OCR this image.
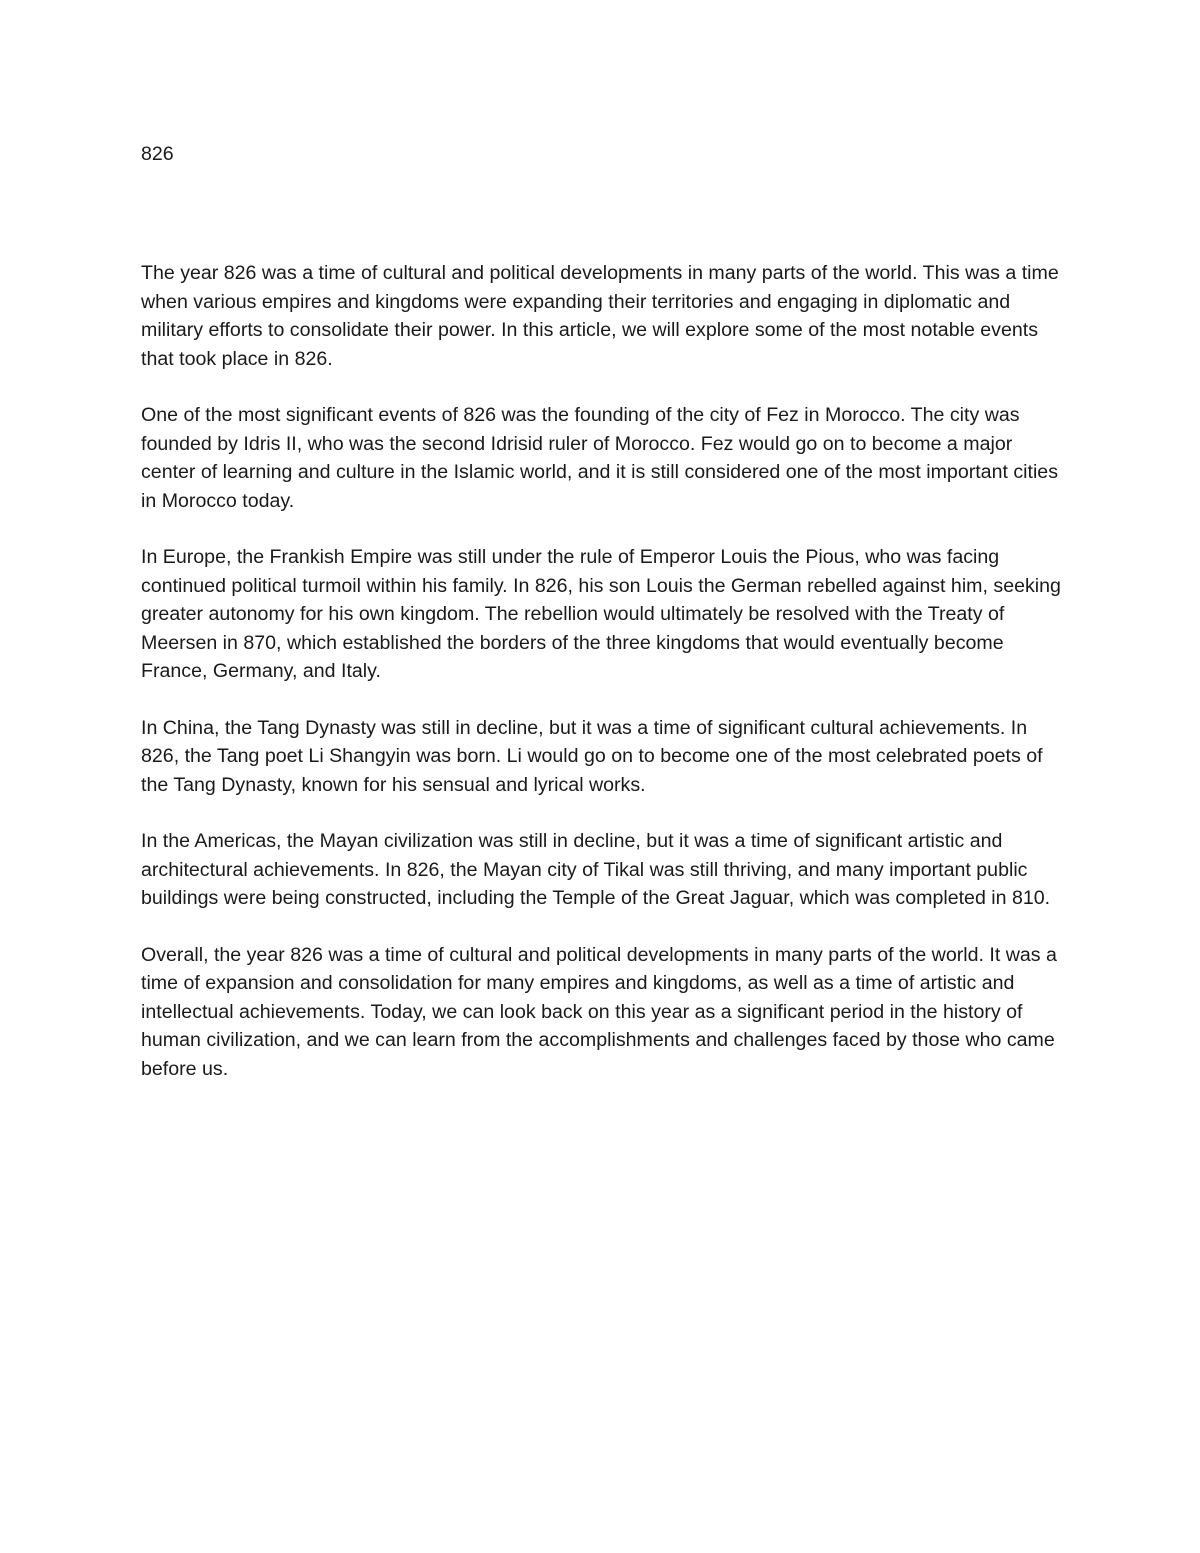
826

The year 826 was a time of cultural and political developments in many parts of the world. This was a time when various empires and kingdoms were expanding their territories and engaging in diplomatic and military efforts to consolidate their power. In this article, we will explore some of the most notable events that took place in 826.

One of the most significant events of 826 was the founding of the city of Fez in Morocco. The city was founded by Idris II, who was the second Idrisid ruler of Morocco. Fez would go on to become a major center of learning and culture in the Islamic world, and it is still considered one of the most important cities in Morocco today.

In Europe, the Frankish Empire was still under the rule of Emperor Louis the Pious, who was facing continued political turmoil within his family. In 826, his son Louis the German rebelled against him, seeking greater autonomy for his own kingdom. The rebellion would ultimately be resolved with the Treaty of Meersen in 870, which established the borders of the three kingdoms that would eventually become France, Germany, and Italy.

In China, the Tang Dynasty was still in decline, but it was a time of significant cultural achievements. In 826, the Tang poet Li Shangyin was born. Li would go on to become one of the most celebrated poets of the Tang Dynasty, known for his sensual and lyrical works.

In the Americas, the Mayan civilization was still in decline, but it was a time of significant artistic and architectural achievements. In 826, the Mayan city of Tikal was still thriving, and many important public buildings were being constructed, including the Temple of the Great Jaguar, which was completed in 810.

Overall, the year 826 was a time of cultural and political developments in many parts of the world. It was a time of expansion and consolidation for many empires and kingdoms, as well as a time of artistic and intellectual achievements. Today, we can look back on this year as a significant period in the history of human civilization, and we can learn from the accomplishments and challenges faced by those who came before us.
